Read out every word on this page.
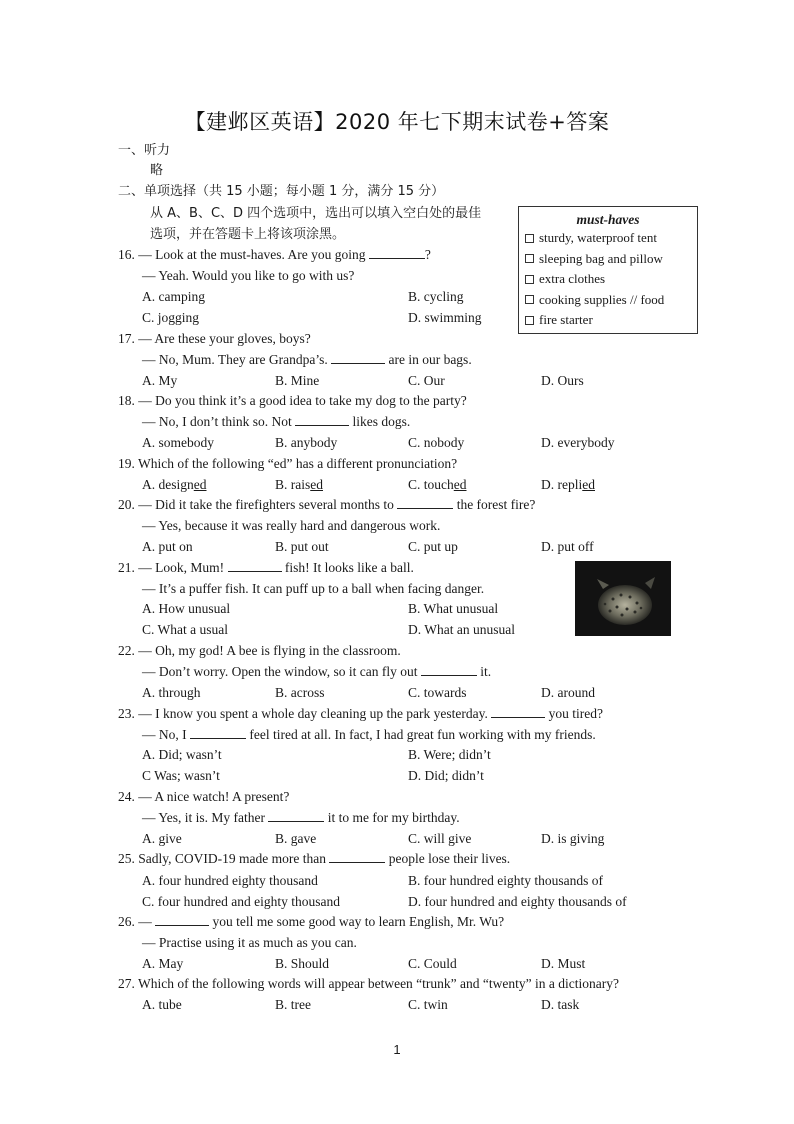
【建邺区英语】2020 年七下期末试卷+答案
一、听力
略
二、单项选择（共 15 小题；每小题 1 分，满分 15 分）
从 A、B、C、D 四个选项中，选出可以填入空白处的最佳
选项，并在答题卡上将该项涂黑。
must-haves
sturdy, waterproof tent
sleeping bag and pillow
extra clothes
cooking supplies // food
fire starter
16. — Look at the must-haves. Are you going	?
— Yeah. Would you like to go with us?
A. camping	B. cycling
C. jogging	D. swimming
17. — Are these your gloves, boys?
— No, Mum. They are Grandpa’s.	are in our bags.
A. My	B. Mine	C. Our	D. Ours
18. — Do you think it’s a good idea to take my dog to the party?
— No, I don’t think so. Not	likes dogs.
A. somebody	B. anybody	C. nobody	D. everybody
19. Which of the following “ed” has a different pronunciation?
A. designed	B. raised	C. touched	D. replied
20. — Did it take the firefighters several months to	the forest fire?
— Yes, because it was really hard and dangerous work.
A. put on	B. put out	C. put up	D. put off
21. — Look, Mum!	fish! It looks like a ball.
— It’s a puffer fish. It can puff up to a ball when facing danger.
A. How unusual	B. What unusual
C. What a usual	D. What an unusual
22. — Oh, my god! A bee is flying in the classroom.
— Don’t worry. Open the window, so it can fly out	it.
A. through	B. across	C. towards	D. around
23. — I know you spent a whole day cleaning up the park yesterday.	you tired?
— No, I	feel tired at all. In fact, I had great fun working with my friends.
A. Did; wasn’t	B. Were; didn’t
C Was; wasn’t	D. Did; didn’t
24. — A nice watch! A present?
— Yes, it is. My father	it to me for my birthday.
A. give	B. gave	C. will give	D. is giving
25. Sadly, COVID-19 made more than	people lose their lives.
A. four hundred eighty thousand	B. four hundred eighty thousands of
C. four hundred and eighty thousand	D. four hundred and eighty thousands of
26. —	you tell me some good way to learn English, Mr. Wu?
— Practise using it as much as you can.
A. May	B. Should	C. Could	D. Must
27. Which of the following words will appear between “trunk” and “twenty” in a dictionary?
A. tube	B. tree	C. twin	D. task
1
